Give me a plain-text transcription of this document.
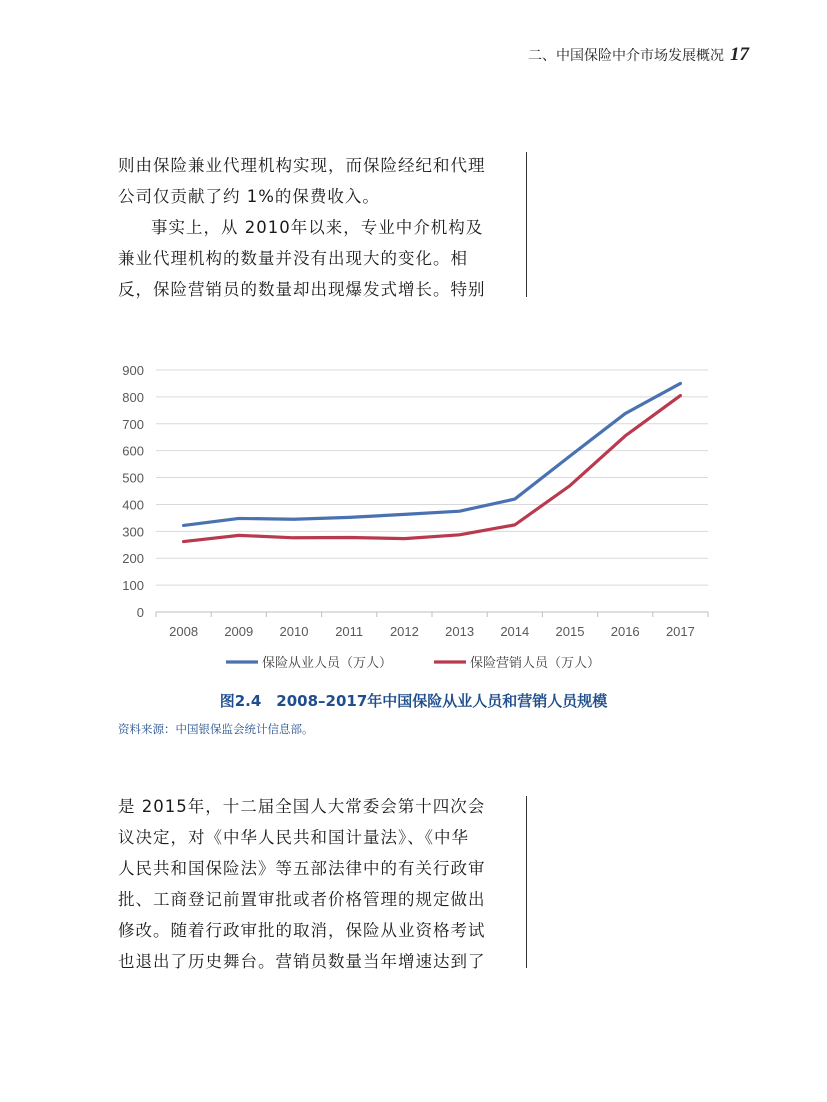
二、中国保险中介市场发展概况 17
则由保险兼业代理机构实现，而保险经纪和代理
公司仅贡献了约 1%的保费收入。
事实上，从 2010年以来，专业中介机构及
兼业代理机构的数量并没有出现大的变化。相
反，保险营销员的数量却出现爆发式增长。特别
0
100
200
300
400
500
600
700
800
900
2008 2009 2010 2011 2012 2013 2014 2015 2016 2017
保险从业人员（万人）	保险营销人员（万人）
图2.4　2008–2017年中国保险从业人员和营销人员规模
资料来源：中国银保监会统计信息部。
是 2015年，十二届全国人大常委会第十四次会
议决定，对《中华人民共和国计量法》、《中华
人民共和国保险法》等五部法律中的有关行政审
批、工商登记前置审批或者价格管理的规定做出
修改。随着行政审批的取消，保险从业资格考试
也退出了历史舞台。营销员数量当年增速达到了
